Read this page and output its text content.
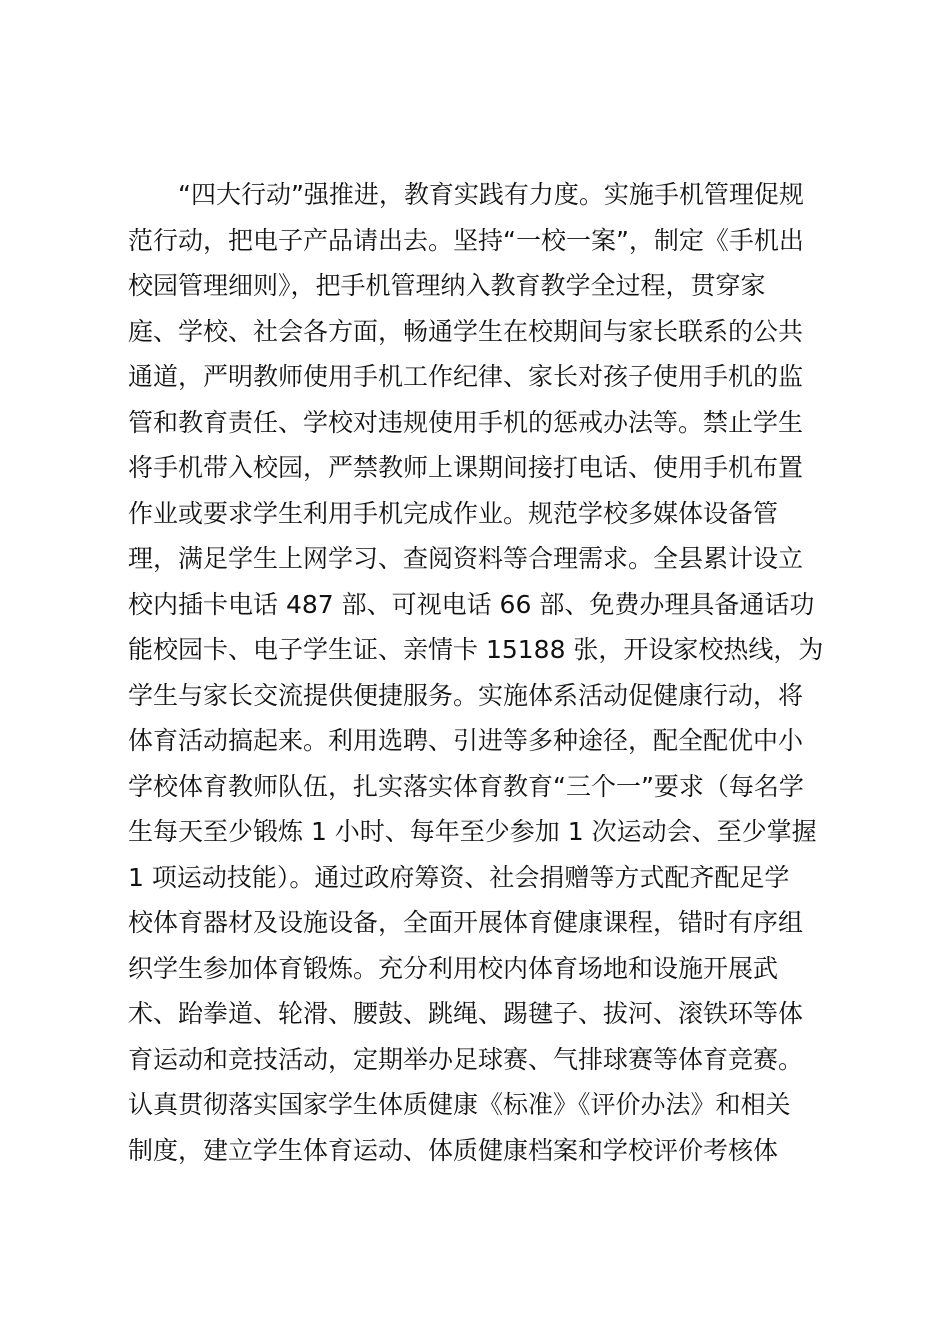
“四大行动”强推进，教育实践有力度。实施手机管理促规
范行动，把电子产品请出去。坚持“一校一案”，制定《手机出
校园管理细则》，把手机管理纳入教育教学全过程，贯穿家
庭、学校、社会各方面，畅通学生在校期间与家长联系的公共
通道，严明教师使用手机工作纪律、家长对孩子使用手机的监
管和教育责任、学校对违规使用手机的惩戒办法等。禁止学生
将手机带入校园，严禁教师上课期间接打电话、使用手机布置
作业或要求学生利用手机完成作业。规范学校多媒体设备管
理，满足学生上网学习、查阅资料等合理需求。全县累计设立
校内插卡电话 487 部、可视电话 66 部、免费办理具备通话功
能校园卡、电子学生证、亲情卡 15188 张，开设家校热线，为
学生与家长交流提供便捷服务。实施体系活动促健康行动，将
体育活动搞起来。利用选聘、引进等多种途径，配全配优中小
学校体育教师队伍，扎实落实体育教育“三个一”要求（每名学
生每天至少锻炼 1 小时、每年至少参加 1 次运动会、至少掌握
1 项运动技能）。通过政府筹资、社会捐赠等方式配齐配足学
校体育器材及设施设备，全面开展体育健康课程，错时有序组
织学生参加体育锻炼。充分利用校内体育场地和设施开展武
术、跆拳道、轮滑、腰鼓、跳绳、踢毽子、拔河、滚铁环等体
育运动和竞技活动，定期举办足球赛、气排球赛等体育竞赛。
认真贯彻落实国家学生体质健康《标准》《评价办法》和相关
制度，建立学生体育运动、体质健康档案和学校评价考核体
